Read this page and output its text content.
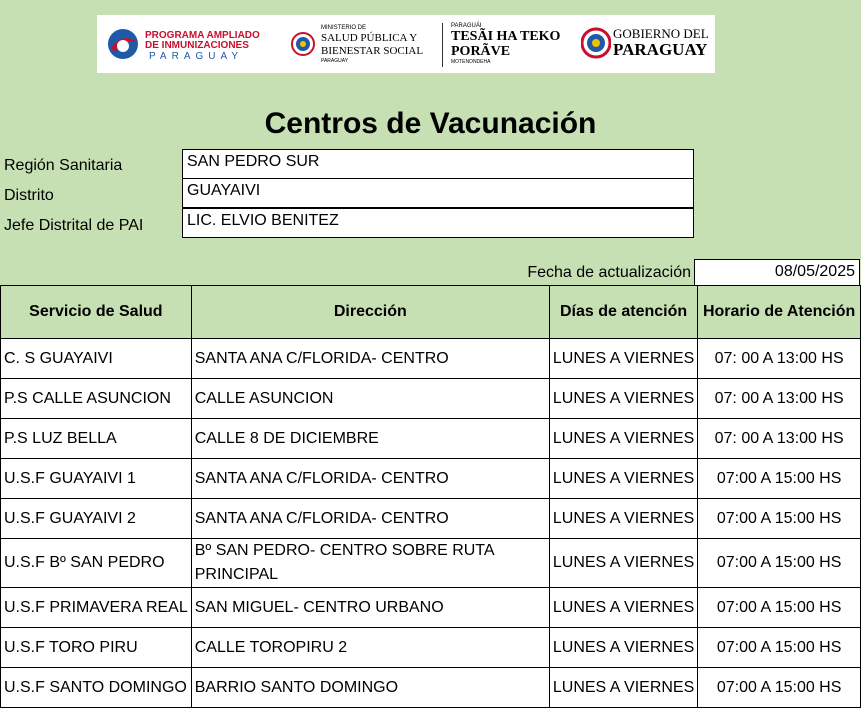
PROGRAMA AMPLIADO
DE INMUNIZACIONES
PARAGUAY
MINISTERIO DE
SALUD PÚBLICA Y
BIENESTAR SOCIAL
PARAGUAY
PARAGUÁI
TESÃI HA TEKO
PORÃVE
MOTENONDEHA
GOBIERNO DEL
PARAGUAY
Centros de Vacunación
Región Sanitaria	SAN PEDRO SUR
Distrito	GUAYAIVI
Jefe Distrital de PAI	LIC. ELVIO BENITEZ
Fecha de actualización	08/05/2025
Servicio de Salud	Dirección	Días de atención	Horario de Atención
C. S GUAYAIVI	SANTA ANA C/FLORIDA- CENTRO	LUNES A VIERNES	07: 00 A 13:00 HS
P.S CALLE ASUNCION	CALLE ASUNCION	LUNES A VIERNES	07: 00 A 13:00 HS
P.S LUZ BELLA	CALLE 8 DE DICIEMBRE	LUNES A VIERNES	07: 00 A 13:00 HS
U.S.F GUAYAIVI 1	SANTA ANA C/FLORIDA- CENTRO	LUNES A VIERNES	07:00 A 15:00 HS
U.S.F GUAYAIVI 2	SANTA ANA C/FLORIDA- CENTRO	LUNES A VIERNES	07:00 A 15:00 HS
U.S.F Bº SAN PEDRO	Bº SAN PEDRO- CENTRO SOBRE RUTA PRINCIPAL	LUNES A VIERNES	07:00 A 15:00 HS
U.S.F PRIMAVERA REAL	SAN MIGUEL- CENTRO URBANO	LUNES A VIERNES	07:00 A 15:00 HS
U.S.F TORO PIRU	CALLE TOROPIRU 2	LUNES A VIERNES	07:00 A 15:00 HS
U.S.F SANTO DOMINGO	BARRIO SANTO DOMINGO	LUNES A VIERNES	07:00 A 15:00 HS
